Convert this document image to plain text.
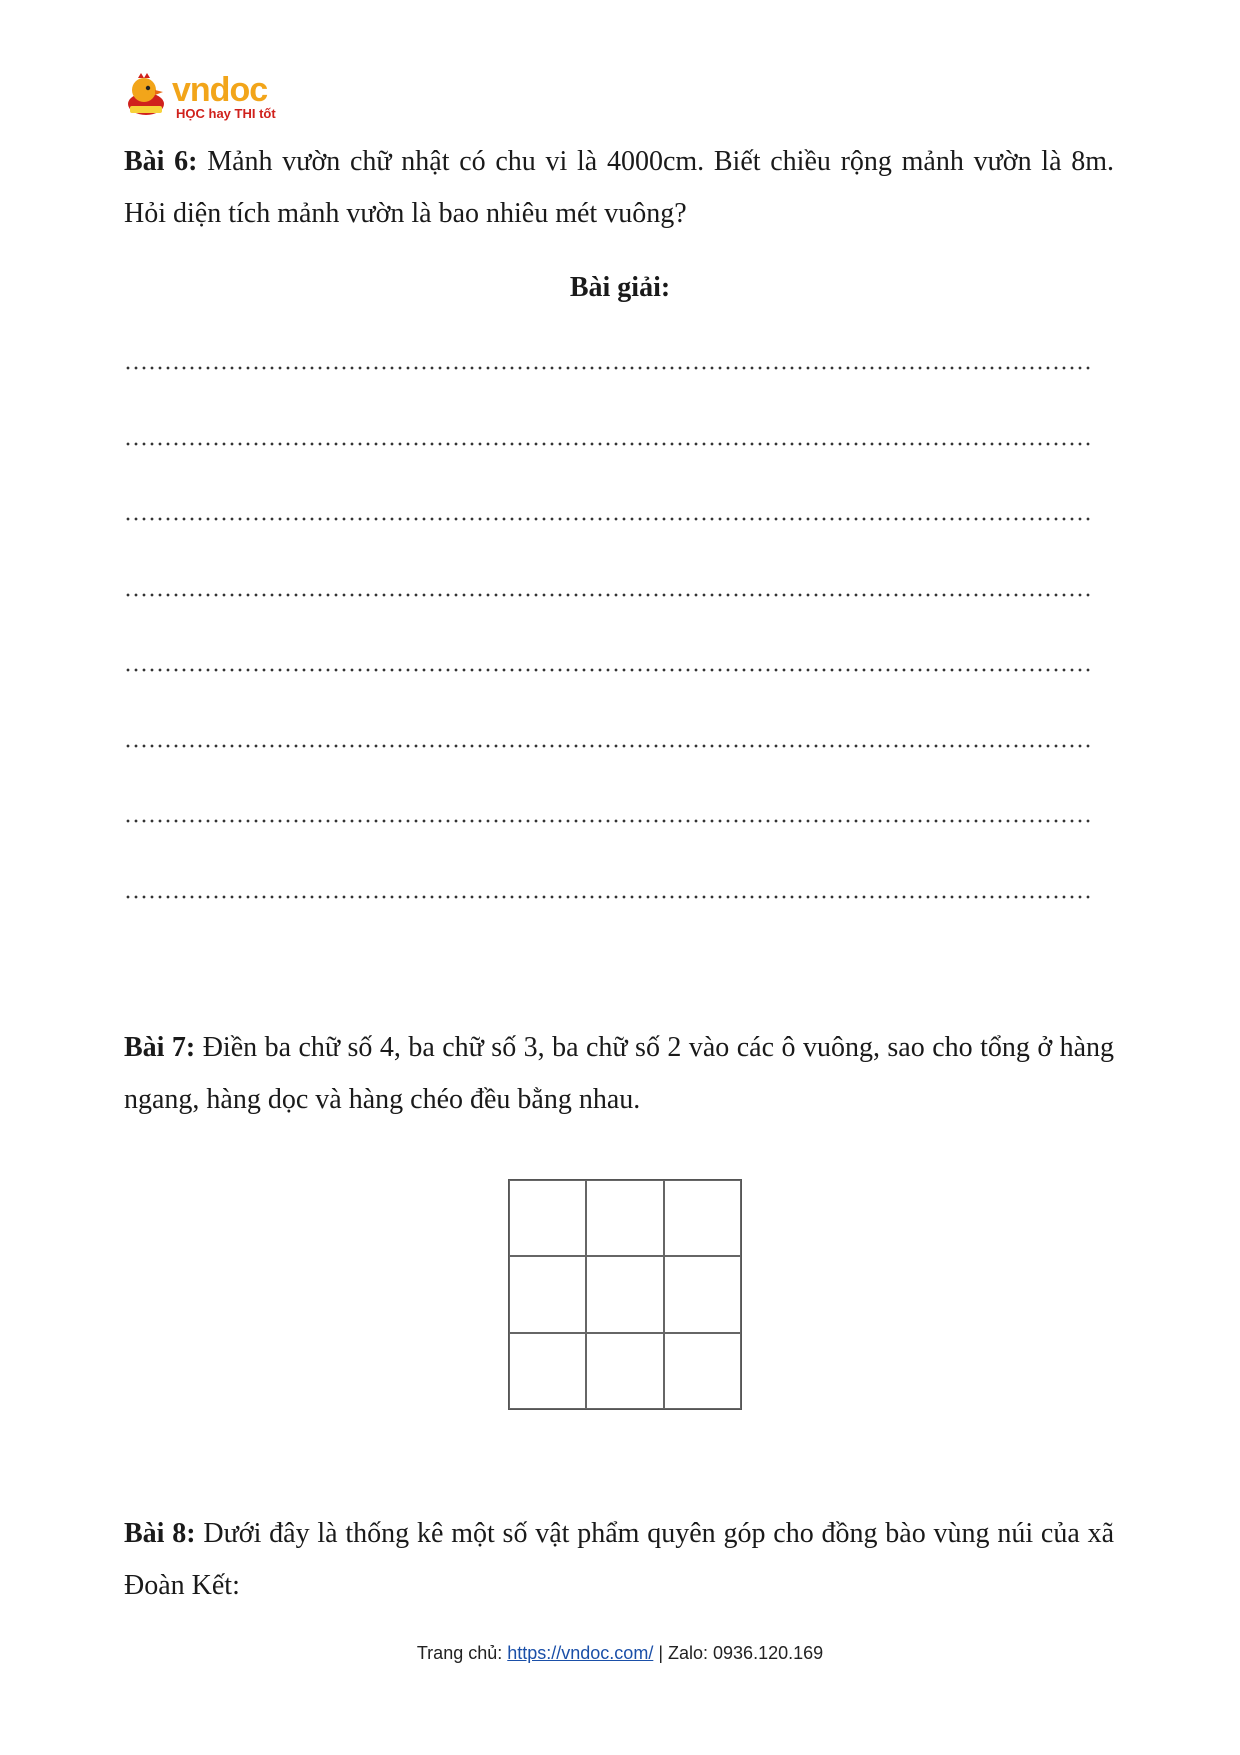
vndoc
HỌC hay THI tốt
Bài 6: Mảnh vườn chữ nhật có chu vi là 4000cm. Biết chiều rộng mảnh vườn là 8m. Hỏi diện tích mảnh vườn là bao nhiêu mét vuông?
Bài giải:
Bài 7: Điền ba chữ số 4, ba chữ số 3, ba chữ số 2 vào các ô vuông, sao cho tổng ở hàng ngang, hàng dọc và hàng chéo đều bằng nhau.
Bài 8: Dưới đây là thống kê một số vật phẩm quyên góp cho đồng bào vùng núi của xã Đoàn Kết:
Trang chủ: https://vndoc.com/ | Zalo: 0936.120.169
